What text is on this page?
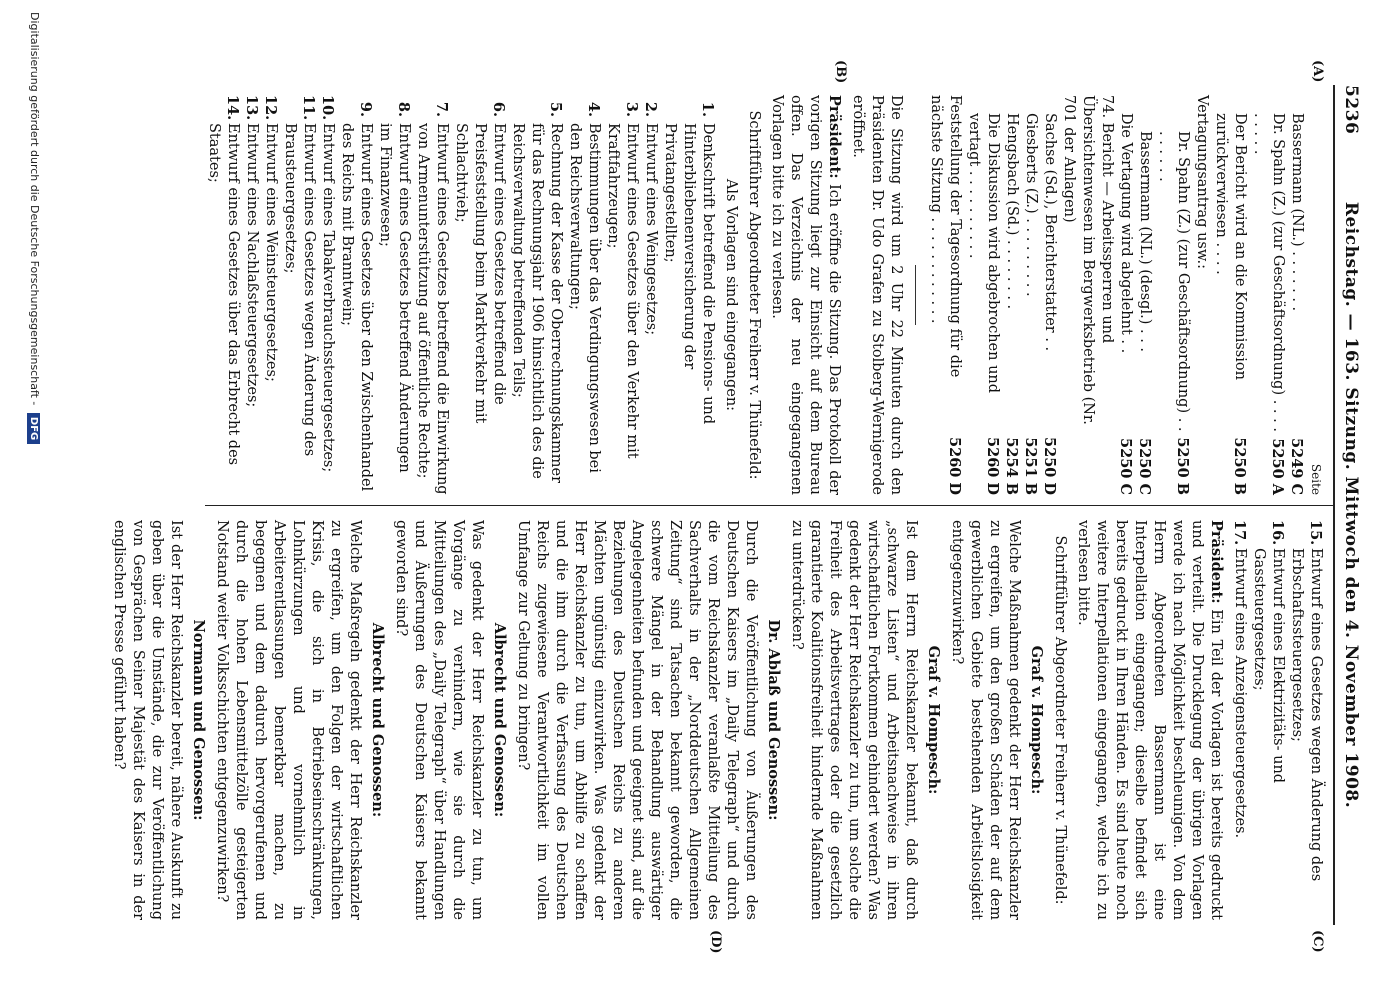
5236
Reichstag. — 163. Sitzung. Mittwoch den 4. November 1908.
(A)
(B)
(C)
(D)
Seite
Bassermann (NL.) . . . . . . .
5249 C
Dr. Spahn (Z.) (zur Geschäftsordnung) . . . . . . . . .
5250 A
Der Bericht wird an die Kommission zurückverwiesen . . . .
5250 B
Vertagungsantrag usw.:
Dr. Spahn (Z.) (zur Geschäftsordnung) . . . . . . . .
5250 B
Bassermann (NL.) (desgl.) . . .
5250 C
Die Vertagung wird abgelehnt . .
5250 C
74. Bericht — Arbeitssperren und Übersichtenwesen im Bergwerksbetrieb (Nr. 701 der Anlagen)
Sachse (Sd.), Berichterstatter . .
5250 D
Giesberts (Z.) . . . . . . . . .
5251 B
Hengsbach (Sd.) . . . . . . . .
5254 B
Die Diskussion wird abgebrochen und vertagt . . . . . . . . . .
5260 D
Feststellung der Tagesordnung für die nächste Sitzung . . . . . . . . . . . .
5260 D

Die Sitzung wird um 2 Uhr 22 Minuten durch den Präsidenten Dr. Udo Grafen zu Stolberg-Wernigerode eröffnet.

Präsident: Ich eröffne die Sitzung. Das Protokoll der vorigen Sitzung liegt zur Einsicht auf dem Bureau offen. Das Verzeichnis der neu eingegangenen Vorlagen bitte ich zu verlesen.

Schriftführer Abgeordneter Freiherr v. Thünefeld:

Als Vorlagen sind eingegangen:

1.
Denkschrift betreffend die Pensions- und Hinterbliebenenversicherung der Privatangestellten;
2.
Entwurf eines Weingesetzes;
3.
Entwurf eines Gesetzes über den Verkehr mit Kraftfahrzeugen;
4.
Bestimmungen über das Verdingungswesen bei den Reichsverwaltungen;
5.
Rechnung der Kasse der Oberrechnungskammer für das Rechnungsjahr 1906 hinsichtlich des die Reichsverwaltung betreffenden Teils;
6.
Entwurf eines Gesetzes betreffend die Preisfeststellung beim Marktverkehr mit Schlachtvieh;
7.
Entwurf eines Gesetzes betreffend die Einwirkung von Armenunterstützung auf öffentliche Rechte;
8.
Entwurf eines Gesetzes betreffend Änderungen im Finanzwesen;
9.
Entwurf eines Gesetzes über den Zwischenhandel des Reichs mit Branntwein;
10.
Entwurf eines Tabakverbrauchssteuergesetzes;
11.
Entwurf eines Gesetzes wegen Änderung des Brausteuergesetzes;
12.
Entwurf eines Weinsteuergesetzes;
13.
Entwurf eines Nachlaßsteuergesetzes;
14.
Entwurf eines Gesetzes über das Erbrecht des Staates;
15.
Entwurf eines Gesetzes wegen Änderung des Erbschaftssteuergesetzes;
16.
Entwurf eines Elektrizitäts- und Gassteuergesetzes;
17.
Entwurf eines Anzeigensteuergesetzes.

Präsident: Ein Teil der Vorlagen ist bereits gedruckt und verteilt. Die Drucklegung der übrigen Vorlagen werde ich nach Möglichkeit beschleunigen. Von dem Herrn Abgeordneten Bassermann ist eine Interpellation eingegangen; dieselbe befindet sich bereits gedruckt in Ihren Händen. Es sind heute noch weitere Interpellationen eingegangen, welche ich zu verlesen bitte.

Schriftführer Abgeordneter Freiherr v. Thünefeld:

Graf v. Hompesch:

Welche Maßnahmen gedenkt der Herr Reichskanzler zu ergreifen, um den großen Schäden der auf dem gewerblichen Gebiete bestehenden Arbeitslosigkeit entgegenzuwirken?

Graf v. Hompesch:

Ist dem Herrn Reichskanzler bekannt, daß durch „schwarze Listen“ und Arbeitsnachweise in ihren wirtschaftlichen Fortkommen gehindert werden? Was gedenkt der Herr Reichskanzler zu tun, um solche die Freiheit des Arbeitsvertrages oder die gesetzlich garantierte Koalitionsfreiheit hindernde Maßnahmen zu unterdrücken?

Dr. Ablaß und Genossen:

Durch die Veröffentlichung von Äußerungen des Deutschen Kaisers im „Daily Telegraph“ und durch die vom Reichskanzler veranlaßte Mitteilung des Sachverhalts in der „Norddeutschen Allgemeinen Zeitung“ sind Tatsachen bekannt geworden, die schwere Mängel in der Behandlung auswärtiger Angelegenheiten befunden und geeignet sind, auf die Beziehungen des Deutschen Reichs zu anderen Mächten ungünstig einzuwirken. Was gedenkt der Herr Reichskanzler zu tun, um Abhilfe zu schaffen und die ihm durch die Verfassung des Deutschen Reichs zugewiesene Verantwortlichkeit im vollen Umfange zur Geltung zu bringen?

Albrecht und Genossen:

Was gedenkt der Herr Reichskanzler zu tun, um Vorgänge zu verhindern, wie sie durch die Mitteilungen des „Daily Telegraph“ über Handlungen und Äußerungen des Deutschen Kaisers bekannt geworden sind?

Albrecht und Genossen:

Welche Maßregeln gedenkt der Herr Reichskanzler zu ergreifen, um den Folgen der wirtschaftlichen Krisis, die sich in Betriebseinschränkungen, Lohnkürzungen und vornehmlich in Arbeiterentlassungen bemerkbar machen, zu begegnen und dem dadurch hervorgerufenen und durch die hohen Lebensmittelzölle gesteigerten Notstand weiter Volksschichten entgegenzuwirken?

Normann und Genossen:

Ist der Herr Reichskanzler bereit, nähere Auskunft zu geben über die Umstände, die zur Veröffentlichung von Gesprächen Seiner Majestät des Kaisers in der englischen Presse geführt haben?

Digitalisierung gefördert durch die Deutsche Forschungsgemeinschaft - DFG
